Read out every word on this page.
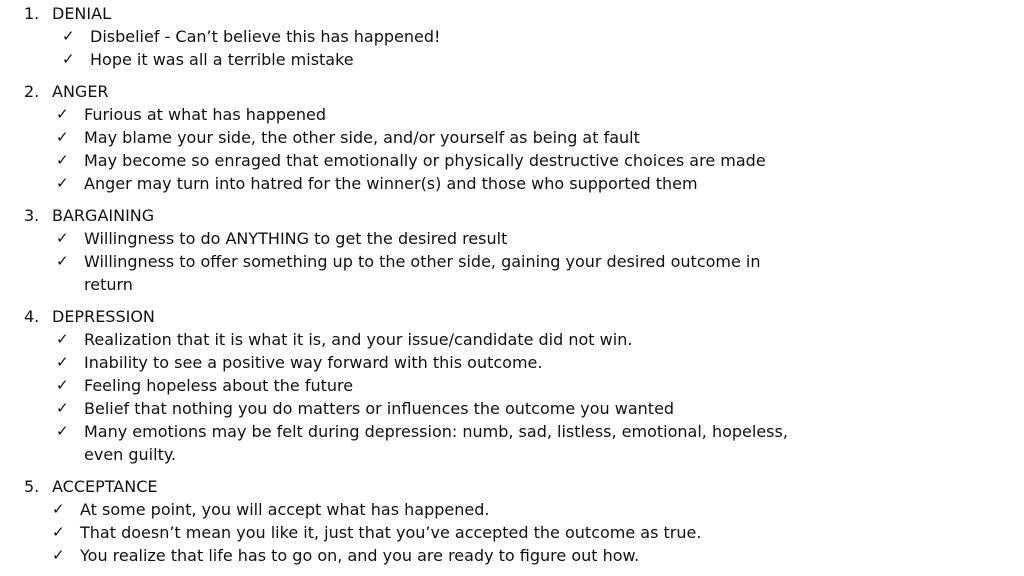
1. DENIAL
✓ Disbelief - Can’t believe this has happened!
✓ Hope it was all a terrible mistake
2. ANGER
✓ Furious at what has happened
✓ May blame your side, the other side, and/or yourself as being at fault
✓ May become so enraged that emotionally or physically destructive choices are made
✓ Anger may turn into hatred for the winner(s) and those who supported them
3. BARGAINING
✓ Willingness to do ANYTHING to get the desired result
✓ Willingness to offer something up to the other side, gaining your desired outcome in return
4. DEPRESSION
✓ Realization that it is what it is, and your issue/candidate did not win.
✓ Inability to see a positive way forward with this outcome.
✓ Feeling hopeless about the future
✓ Belief that nothing you do matters or influences the outcome you wanted
✓ Many emotions may be felt during depression: numb, sad, listless, emotional, hopeless, even guilty.
5. ACCEPTANCE
✓ At some point, you will accept what has happened.
✓ That doesn’t mean you like it, just that you’ve accepted the outcome as true.
✓ You realize that life has to go on, and you are ready to figure out how.
